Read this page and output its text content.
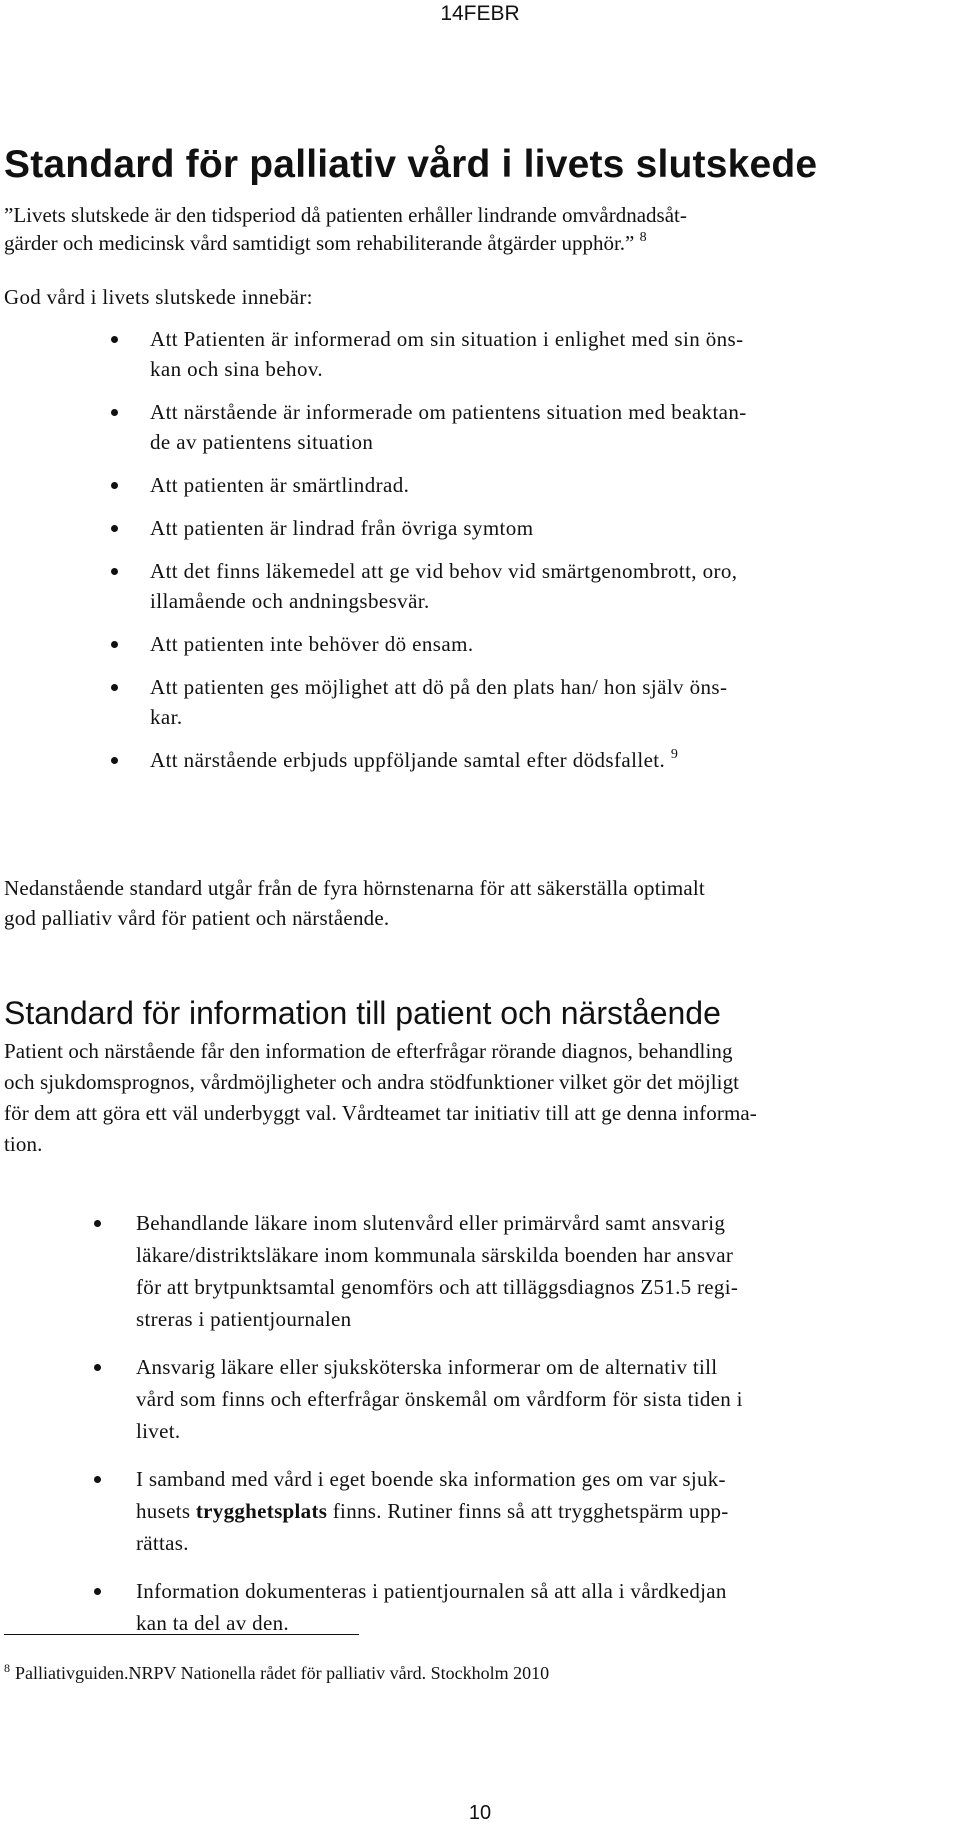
14FEBR
Standard för palliativ vård i livets slutskede

”Livets slutskede är den tidsperiod då patienten erhåller lindrande omvårdnadsåt-
gärder och medicinsk vård samtidigt som rehabiliterande åtgärder upphör.” $^8$

God vård i livets slutskede innebär:

Att Patienten är informerad om sin situation i enlighet med sin öns-
kan och sina behov.
Att närstående är informerade om patientens situation med beaktan-
de av patientens situation
Att patienten är smärtlindrad.
Att patienten är lindrad från övriga symtom
Att det finns läkemedel att ge vid behov vid smärtgenombrott, oro,
illamående och andningsbesvär.
Att patienten inte behöver dö ensam.
Att patienten ges möjlighet att dö på den plats han/ hon själv öns-
kar.
Att närstående erbjuds uppföljande samtal efter dödsfallet. $^9$

Nedanstående standard utgår från de fyra hörnstenarna för att säkerställa optimalt
god palliativ vård för patient och närstående.

Standard för information till patient och närstående

Patient och närstående får den information de efterfrågar rörande diagnos, behandling
och sjukdomsprognos, vårdmöjligheter och andra stödfunktioner vilket gör det möjligt
för dem att göra ett väl underbyggt val. Vårdteamet tar initiativ till att ge denna informa-
tion.

Behandlande läkare inom slutenvård eller primärvård samt ansvarig
läkare/distriktsläkare inom kommunala särskilda boenden har ansvar
för att brytpunktsamtal genomförs och att tilläggsdiagnos Z51.5 regi-
streras i patientjournalen
Ansvarig läkare eller sjuksköterska informerar om de alternativ till
vård som finns och efterfrågar önskemål om vårdform för sista tiden i
livet.
I samband med vård i eget boende ska information ges om var sjuk-
husets trygghetsplats finns. Rutiner finns så att trygghetspärm upp-
rättas.
Information dokumenteras i patientjournalen så att alla i vårdkedjan
kan ta del av den.

$^8$ Palliativguiden.NRPV Nationella rådet för palliativ vård. Stockholm 2010

10
